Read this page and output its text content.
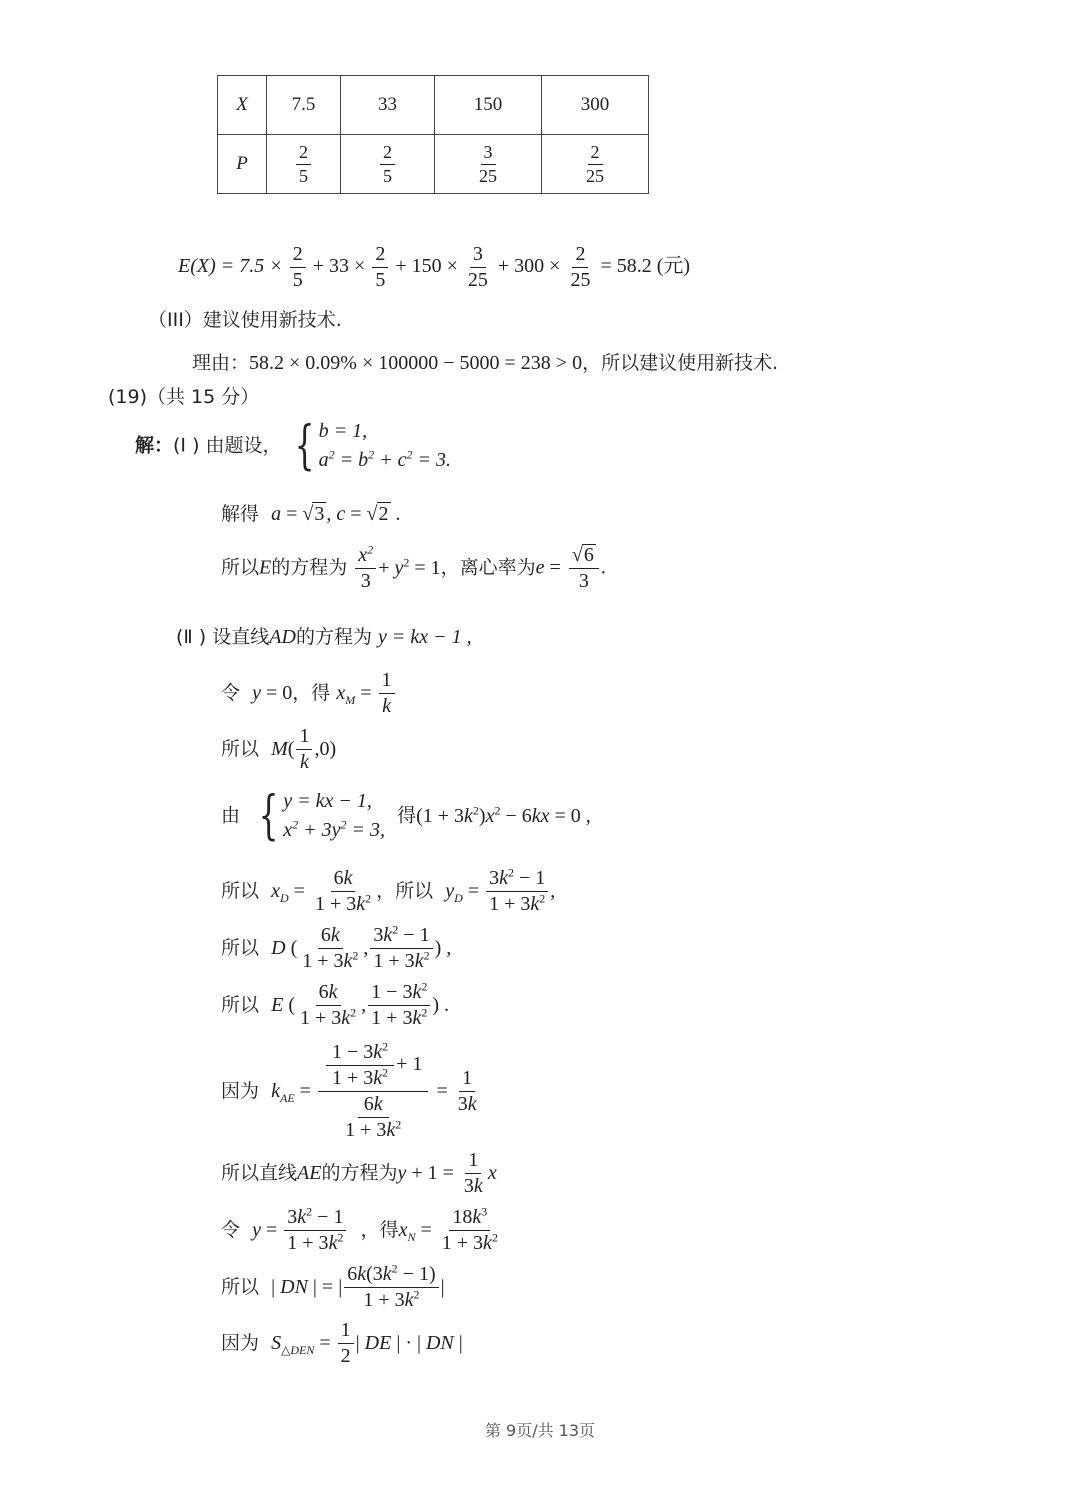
X	7.5	33	150	300
P	$\frac{2}{5}$	$\frac{2}{5}$	$\frac{3}{25}$	$\frac{2}{25}$
$E(X) = 7.5 \times \frac{2}{5} + 33 \times \frac{2}{5} + 150 \times \frac{3}{25} + 300 \times \frac{2}{25} = 58.2$ (元)
（III）建议使用新技术.
理由：58.2 × 0.09% × 100000 − 5000 = 238 > 0，所以建议使用新技术.
(19)（共 15 分）
解：(Ⅰ ) 由题设， { b = 1,
$a^2 = b^2 + c^2 = 3$.
解得 a = √3 , c = √2 .
所以E的方程为 $\frac{x^2}{3} + y^2 = 1$，离心率为$e = \frac{√6}{3}$ .
(Ⅱ ) 设直线AD的方程为 y = kx − 1 ,
令 y = 0，得 $x_M = \frac{1}{k}$
所以 $M( \frac{1}{k} ,0)$
由 { y = kx − 1,
$x^2 + 3y^2 = 3$,
得$(1 + 3k^2)x^2 - 6kx = 0$ ,
所以 $x_D = \frac{6k}{1 + 3k^2}$ ，所以 $y_D = \frac{3k^2 - 1}{1 + 3k^2}$ ,
所以 D ( $\frac{6k}{1 + 3k^2}$ , $\frac{3k^2 - 1}{1 + 3k^2}$ ) ,
所以 E ( $\frac{6k}{1 + 3k^2}$ , $\frac{1 - 3k^2}{1 + 3k^2}$ ) .
因为 $k_{AE} = \frac{\frac{1 - 3k^2}{1 + 3k^2} + 1}{\frac{6k}{1 + 3k^2}} = \frac{1}{3k}$
所以直线AE的方程为$y + 1 = \frac{1}{3k}$ x
令 $y = \frac{3k^2 - 1}{1 + 3k^2}$ ，得$x_N = \frac{18k^3}{1 + 3k^2}$
所以 | DN | = | $\frac{6k(3k^2 - 1)}{1 + 3k^2}$ |
因为 $S_{\triangle DEN} = \frac{1}{2}$ | DE | · | DN |
第 9页/共 13页
